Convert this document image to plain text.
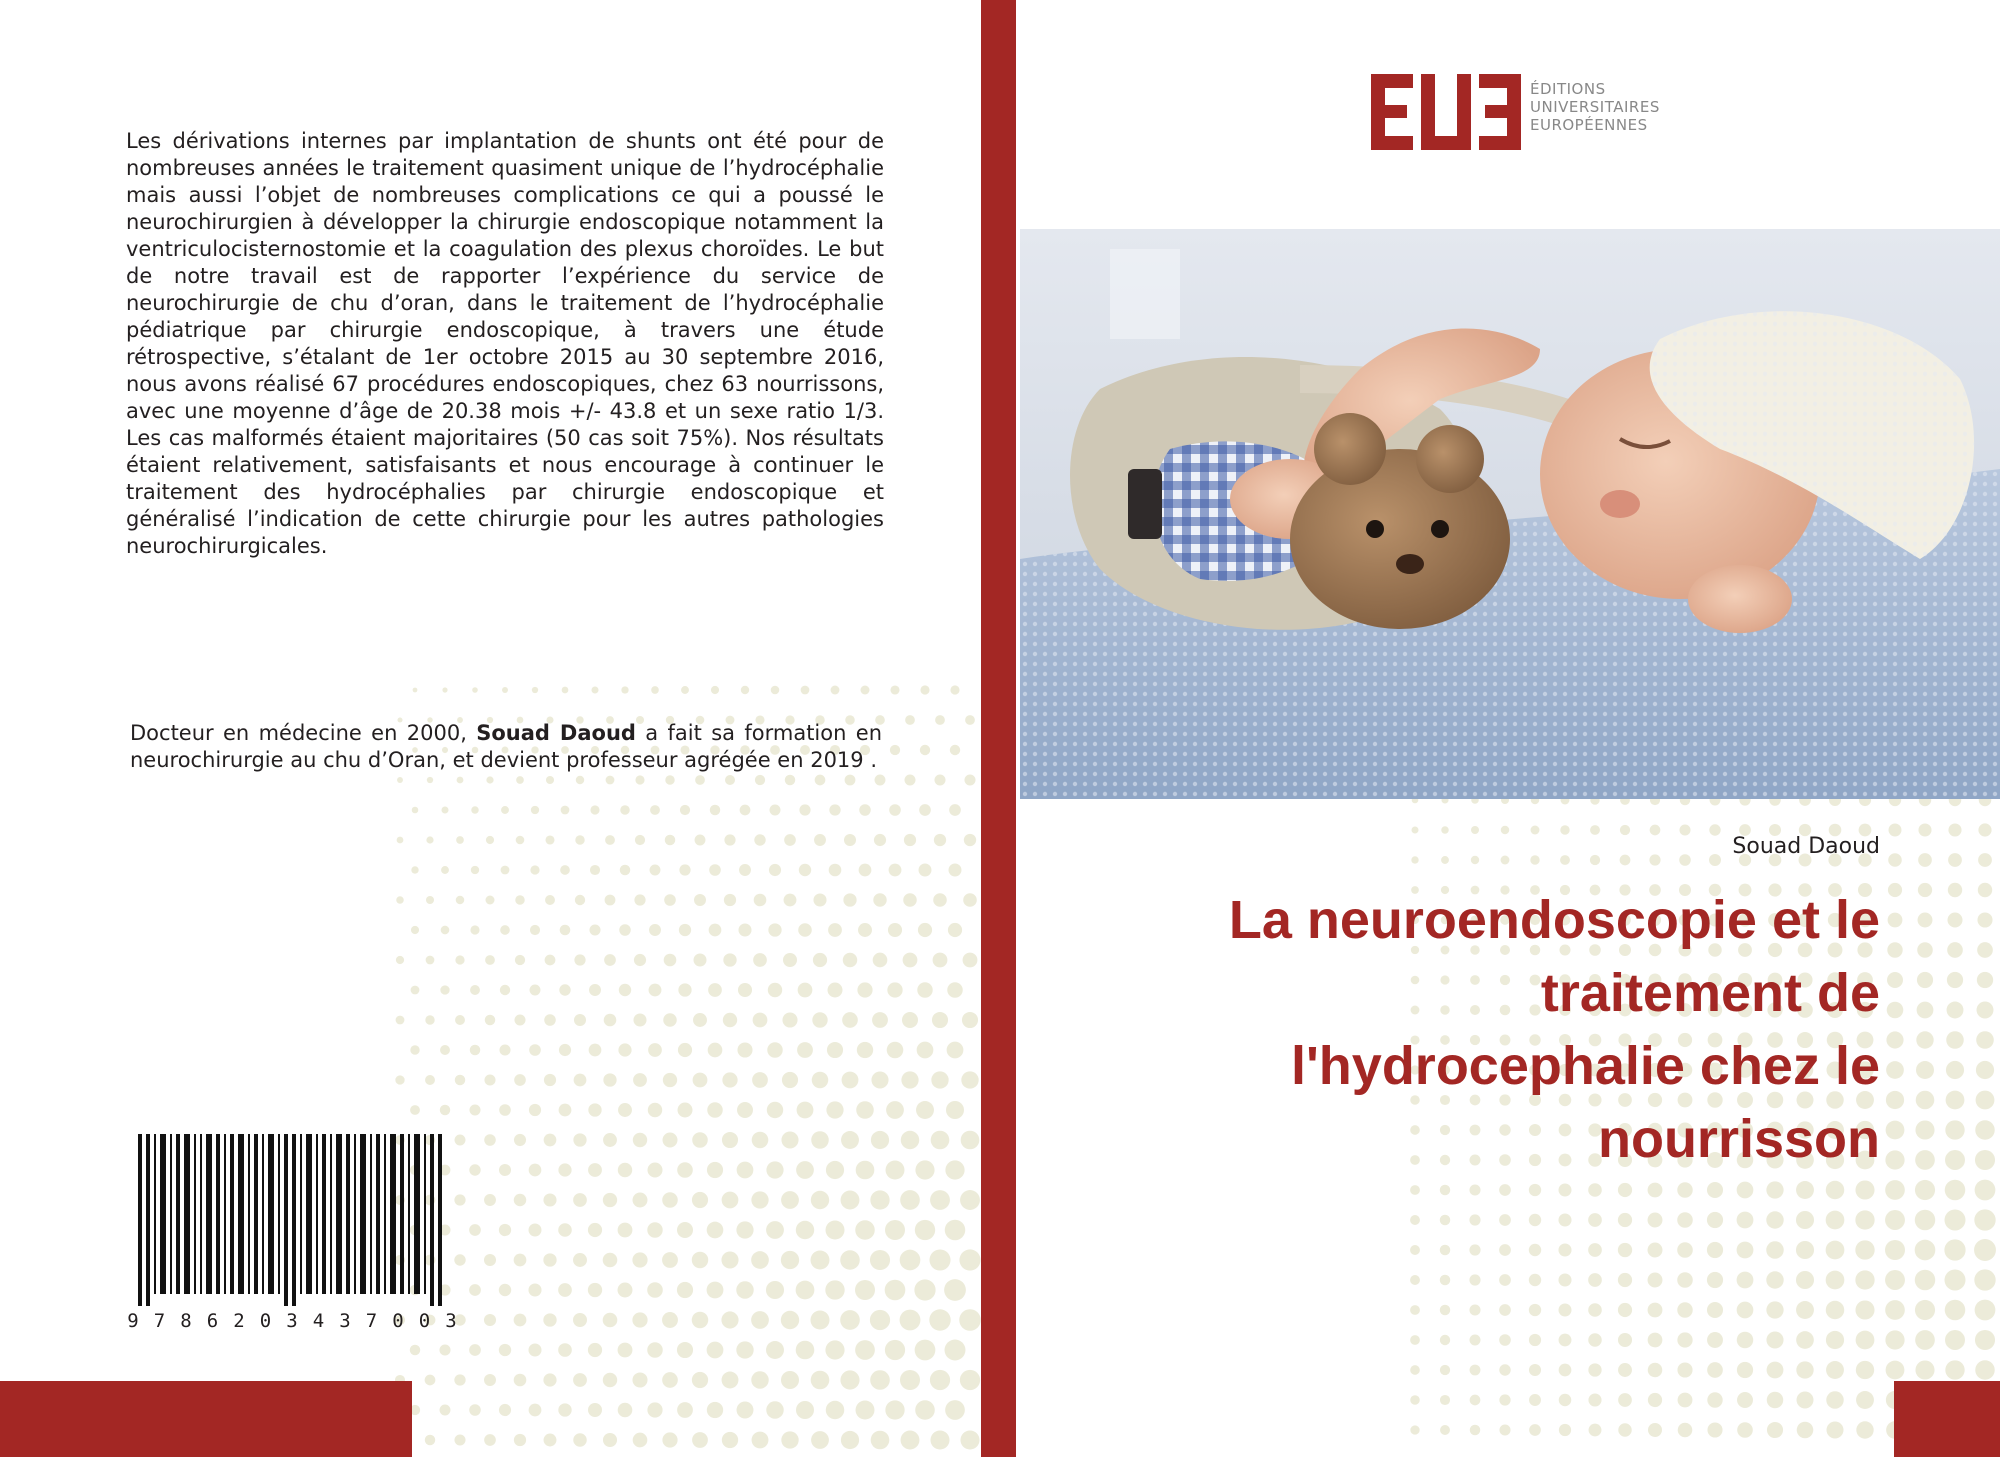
Les dérivations internes par implantation de shunts ont été pour de nombreuses années le traitement quasiment unique de l’hydrocéphalie mais aussi l’objet de nombreuses complications ce qui a poussé le neurochirurgien à développer la chirurgie endoscopique notamment la ventriculocisternostomie et la coagulation des plexus choroïdes. Le but de notre travail est de rapporter l’expérience du service de neurochirurgie de chu d’oran, dans le traitement de l’hydrocéphalie pédiatrique par chirurgie endoscopique, à travers une étude rétrospective, s’étalant de 1er octobre 2015 au 30 septembre 2016, nous avons réalisé 67 procédures endoscopiques, chez 63 nourrissons, avec une moyenne d’âge de 20.38 mois +/- 43.8 et un sexe ratio 1/3. Les cas malformés étaient majoritaires (50 cas soit 75%). Nos résultats étaient relativement, satisfaisants et nous encourage à continuer le traitement des hydrocéphalies par chirurgie endoscopique et généralisé l’indication de cette chirurgie pour les autres pathologies neurochirurgicales.

Docteur en médecine en 2000, Souad Daoud a fait sa formation en neurochirurgie au chu d’Oran, et devient professeur agrégée en 2019 .
9 7 8 6 2 0 3 4 3 7 0 0 3
ÉDITIONS
UNIVERSITAIRES
EUROPÉENNES
Souad Daoud
La neuroendoscopie et le
traitement de
l'hydrocephalie chez le
nourrisson
